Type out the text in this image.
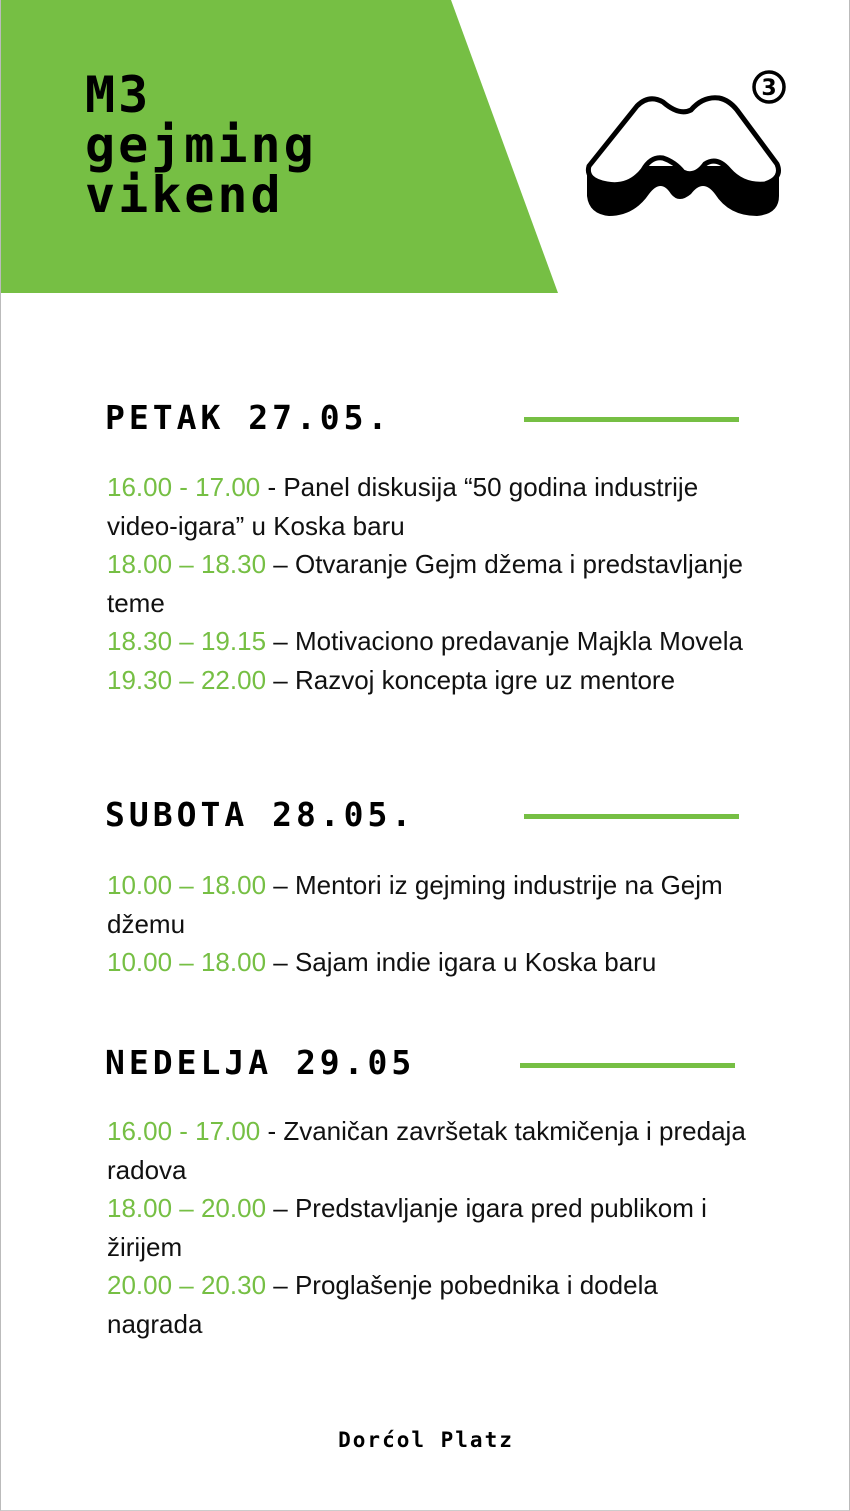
M3
gejming
vikend
3
PETAK 27.05.

16.00 - 17.00 - Panel diskusija “50 godina industrije video-igara” u Koska baru

18.00 – 18.30 – Otvaranje Gejm džema i predstavljanje teme

18.30 – 19.15 – Motivaciono predavanje Majkla Movela

19.30 – 22.00 – Razvoj koncepta igre uz mentore

SUBOTA 28.05.

10.00 – 18.00 – Mentori iz gejming industrije na Gejm džemu

10.00 – 18.00 – Sajam indie igara u Koska baru

NEDELJA 29.05

16.00 - 17.00 - Zvaničan završetak takmičenja i predaja radova

18.00 – 20.00 – Predstavljanje igara pred publikom i žirijem

20.00 – 20.30 – Proglašenje pobednika i dodela nagrada

Dorćol Platz
